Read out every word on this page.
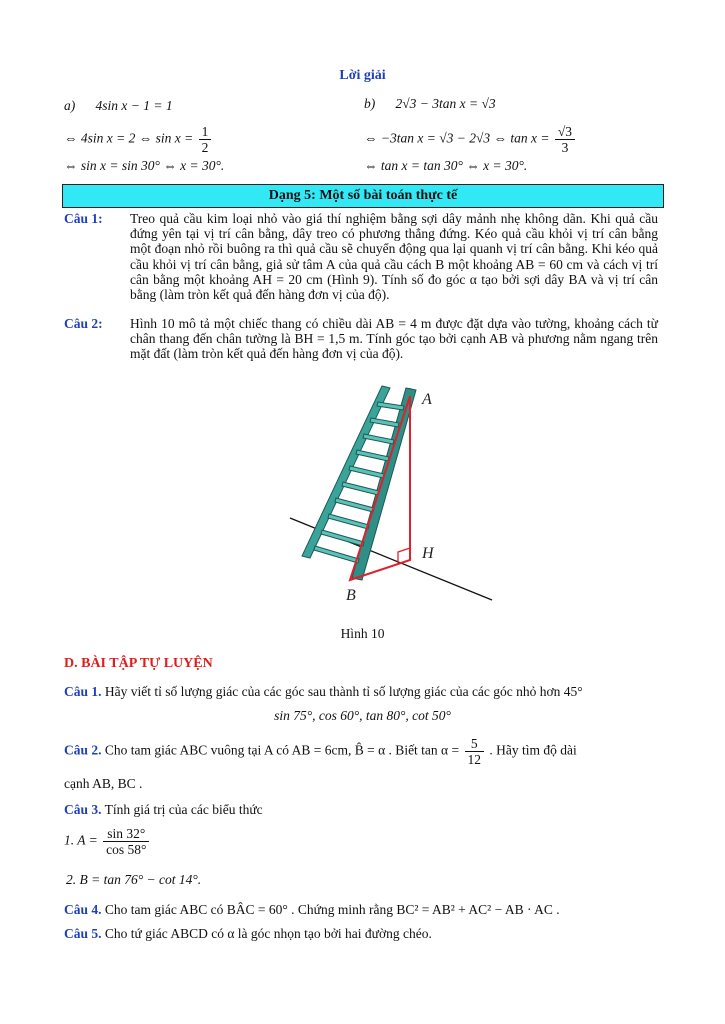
Lời giải
a) 4sin x − 1 = 1
⇔ 4sin x = 2 ⇔ $\sin x = \frac{1}{2}$
⇔ sin x = sin 30° ⇔ x = 30°.
b) 2√3 − 3tan x = √3
⇔ −3tan x = √3 − 2√3 ⇔ $\tan x = \frac{√3}{3}$
⇔ tan x = tan 30° ⇔ x = 30°.
Dạng 5: Một số bài toán thực tế
Câu 1:	Treo quả cầu kim loại nhỏ vào giá thí nghiệm bằng sợi dây mảnh nhẹ không dãn. Khi quả cầu đứng yên tại vị trí cân bằng, dây treo có phương thẳng đứng. Kéo quả cầu khỏi vị trí cân bằng một đoạn nhỏ rồi buông ra thì quả cầu sẽ chuyển động qua lại quanh vị trí cân bằng. Khi kéo quả cầu khỏi vị trí cân bằng, giả sử tâm A của quả cầu cách B một khoảng AB = 60 cm và cách vị trí cân bằng một khoảng AH = 20 cm (Hình 9). Tính số đo góc α tạo bởi sợi dây BA và vị trí cân bằng (làm tròn kết quả đến hàng đơn vị của độ).
Câu 2:	Hình 10 mô tả một chiếc thang có chiều dài AB = 4 m được đặt dựa vào tường, khoảng cách từ chân thang đến chân tường là BH = 1,5 m. Tính góc tạo bởi cạnh AB và phương nằm ngang trên mặt đất (làm tròn kết quả đến hàng đơn vị của độ).
A
H
B
Hình 10
D. BÀI TẬP TỰ LUYỆN
Câu 1. Hãy viết tỉ số lượng giác của các góc sau thành tỉ số lượng giác của các góc nhỏ hơn 45°
sin 75°, cos 60°, tan 80°, cot 50°
Câu 2. Cho tam giác ABC vuông tại A có AB = 6cm, B̂ = α . Biết $\tan \alpha = \frac{5}{12}$ . Hãy tìm độ dài
cạnh AB, BC .
Câu 3. Tính giá trị của các biểu thức
1. $A = \frac{\sin 32^\circ}{\cos 58^\circ}$
2. B = tan 76° − cot 14°.
Câu 4. Cho tam giác ABC có BÂC = 60° . Chứng minh rằng BC² = AB² + AC² − AB · AC .
Câu 5. Cho tứ giác ABCD có α là góc nhọn tạo bởi hai đường chéo.
